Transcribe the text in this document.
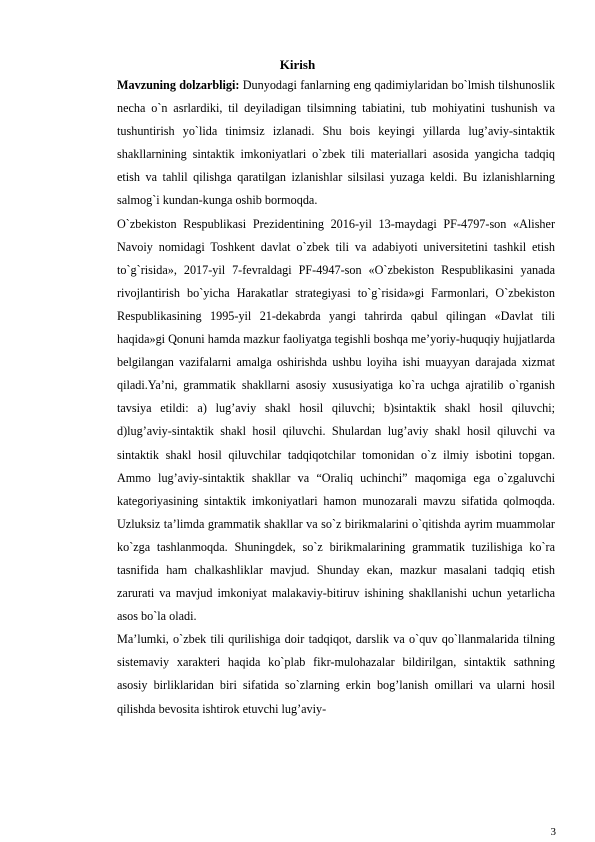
Kirish

Mavzuning dolzarbligi: Dunyodagi fanlarning eng qadimiylaridan bo`lmish tilshunoslik necha o`n asrlardiki, til deyiladigan tilsimning tabiatini, tub mohiyatini tushunish va tushuntirish yo`lida tinimsiz izlanadi. Shu bois keyingi yillarda lug’aviy-sintaktik shakllarnining sintaktik imkoniyatlari o`zbek tili materiallari asosida yangicha tadqiq etish va tahlil qilishga qaratilgan izlanishlar silsilasi yuzaga keldi. Bu izlanishlarning salmog`i kundan-kunga oshib bormoqda.

O`zbekiston Respublikasi Prezidentining 2016-yil 13-maydagi PF-4797-son «Alisher Navoiy nomidagi Toshkent davlat o`zbek tili va adabiyoti universitetini tashkil etish to`g`risida», 2017-yil 7-fevraldagi PF-4947-son «O`zbekiston Respublikasini yanada rivojlantirish bo`yicha Harakatlar strategiyasi to`g`risida»gi Farmonlari, O`zbekiston Respublikasining 1995-yil 21-dekabrda yangi tahrirda qabul qilingan «Davlat tili haqida»gi Qonuni hamda mazkur faoliyatga tegishli boshqa me’yoriy-huquqiy hujjatlarda belgilangan vazifalarni amalga oshirishda ushbu loyiha ishi muayyan darajada xizmat qiladi.Ya’ni, grammatik shakllarni asosiy xususiyatiga ko`ra uchga ajratilib o`rganish tavsiya etildi: a) lug’aviy shakl hosil qiluvchi; b)sintaktik shakl hosil qiluvchi; d)lug’aviy-sintaktik shakl hosil qiluvchi. Shulardan lug’aviy shakl hosil qiluvchi va sintaktik shakl hosil qiluvchilar tadqiqotchilar tomonidan o`z ilmiy isbotini topgan. Ammo lug’aviy-sintaktik shakllar va “Oraliq uchinchi” maqomiga ega o`zgaluvchi kategoriyasining sintaktik imkoniyatlari hamon munozarali mavzu sifatida qolmoqda. Uzluksiz ta’limda grammatik shakllar va so`z birikmalarini o`qitishda ayrim muammolar ko`zga tashlanmoqda. Shuningdek, so`z birikmalarining grammatik tuzilishiga ko`ra tasnifida ham chalkashliklar mavjud. Shunday ekan, mazkur masalani tadqiq etish zarurati va mavjud imkoniyat malakaviy-bitiruv ishining shakllanishi uchun yetarlicha asos bo`la oladi.

Ma’lumki, o`zbek tili qurilishiga doir tadqiqot, darslik va o`quv qo`llanmalarida tilning sistemaviy xarakteri haqida ko`plab fikr-mulohazalar bildirilgan, sintaktik sathning asosiy birliklaridan biri sifatida so`zlarning erkin bog’lanish omillari va ularni hosil qilishda bevosita ishtirok etuvchi lug’aviy-

3
